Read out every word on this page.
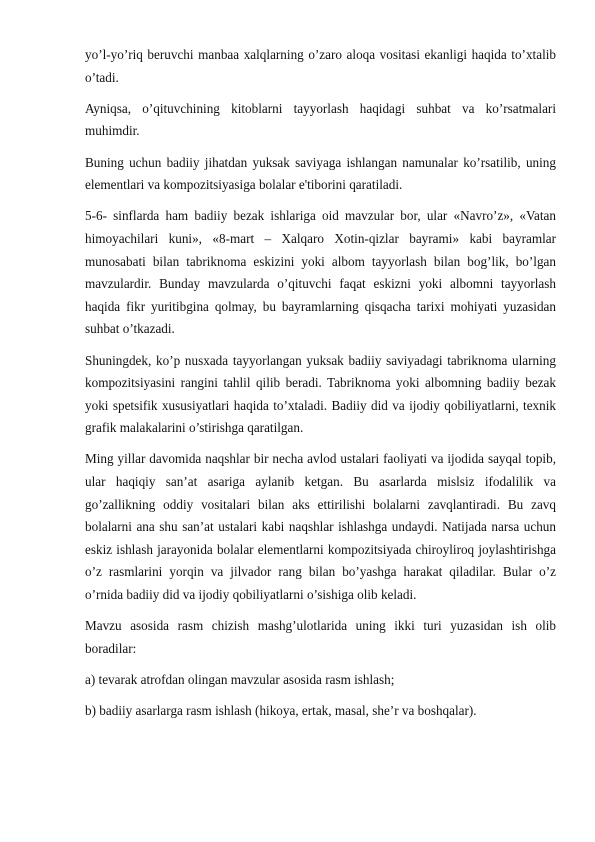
yo’l-yo’riq beruvchi manbaa xalqlarning o’zaro aloqa vositasi ekanligi haqida to’xtalib o’tadi.

Ayniqsa, o’qituvchining kitoblarni tayyorlash haqidagi suhbat va ko’rsatmalari muhimdir.

Buning uchun badiiy jihatdan yuksak saviyaga ishlangan namunalar ko’rsatilib, uning elementlari va kompozitsiyasiga bolalar e'tiborini qaratiladi.

5-6- sinflarda ham badiiy bezak ishlariga oid mavzular bor, ular «Navro’z», «Vatan himoyachilari kuni», «8-mart – Xalqaro Xotin-qizlar bayrami» kabi bayramlar munosabati bilan tabriknoma eskizini yoki albom tayyorlash bilan bog’lik, bo’lgan mavzulardir. Bunday mavzularda o’qituvchi faqat eskizni yoki albomni tayyorlash haqida fikr yuritibgina qolmay, bu bayramlarning qisqacha tarixi mohiyati yuzasidan suhbat o’tkazadi.

Shuningdek, ko’p nusxada tayyorlangan yuksak badiiy saviyadagi tabriknoma ularning kompozitsiyasini rangini tahlil qilib beradi. Tabriknoma yoki albomning badiiy bezak yoki spetsifik xususiyatlari haqida to’xtaladi. Badiiy did va ijodiy qobiliyatlarni, texnik grafik malakalarini o’stirishga qaratilgan.

Ming yillar davomida naqshlar bir necha avlod ustalari faoliyati va ijodida sayqal topib, ular haqiqiy san’at asariga aylanib ketgan. Bu asarlarda mislsiz ifodalilik va go’zallikning oddiy vositalari bilan aks ettirilishi bolalarni zavqlantiradi. Bu zavq bolalarni ana shu san’at ustalari kabi naqshlar ishlashga undaydi. Natijada narsa uchun eskiz ishlash jarayonida bolalar elementlarni kompozitsiyada chiroyliroq joylashtirishga o’z rasmlarini yorqin va jilvador rang bilan bo’yashga harakat qiladilar. Bular o’z o’rnida badiiy did va ijodiy qobiliyatlarni o’sishiga olib keladi.

Mavzu asosida rasm chizish mashg’ulotlarida uning ikki turi yuzasidan ish olib boradilar:

a) tevarak atrofdan olingan mavzular asosida rasm ishlash;

b) badiiy asarlarga rasm ishlash (hikoya, ertak, masal, she’r va boshqalar).
